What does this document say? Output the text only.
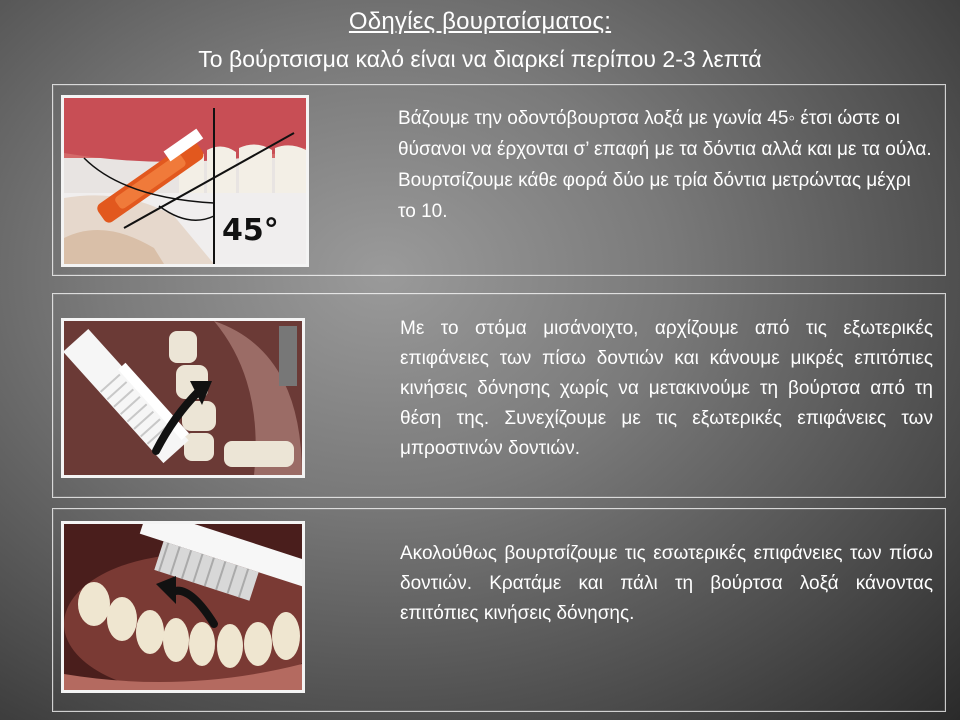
Οδηγίες βουρτσίσματος:

Το βούρτσισμα καλό είναι να διαρκεί περίπου 2-3 λεπτά

45°

Βάζουμε την οδοντόβουρτσα λοξά με γωνία 45◦ έτσι ώστε οι θύσανοι να έρχονται σ’ επαφή με τα δόντια αλλά και με τα ούλα. Βουρτσίζουμε κάθε φορά δύο με τρία δόντια μετρώντας μέχρι το 10.

Με το στόμα μισάνοιχτο, αρχίζουμε από τις εξωτερικές επιφάνειες των πίσω δοντιών και κάνουμε μικρές επιτόπιες κινήσεις δόνησης χωρίς να μετακινούμε τη βούρτσα από τη θέση της. Συνεχίζουμε με τις εξωτερικές επιφάνειες των μπροστινών δοντιών.

Ακολούθως βουρτσίζουμε τις εσωτερικές επιφάνειες των πίσω δοντιών. Κρατάμε και πάλι τη βούρτσα λοξά κάνοντας επιτόπιες κινήσεις δόνησης.
